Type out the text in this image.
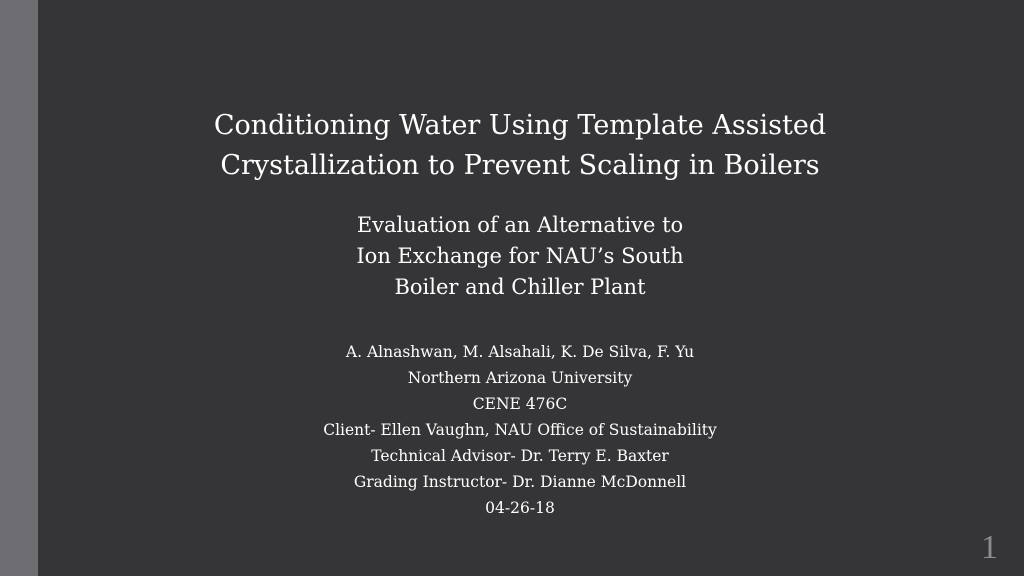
Conditioning Water Using Template Assisted
Crystallization to Prevent Scaling in Boilers
Evaluation of an Alternative to
Ion Exchange for NAU’s South
Boiler and Chiller Plant
A. Alnashwan, M. Alsahali, K. De Silva, F. Yu
Northern Arizona University
CENE 476C
Client- Ellen Vaughn, NAU Office of Sustainability
Technical Advisor- Dr. Terry E. Baxter
Grading Instructor- Dr. Dianne McDonnell
04-26-18
1
